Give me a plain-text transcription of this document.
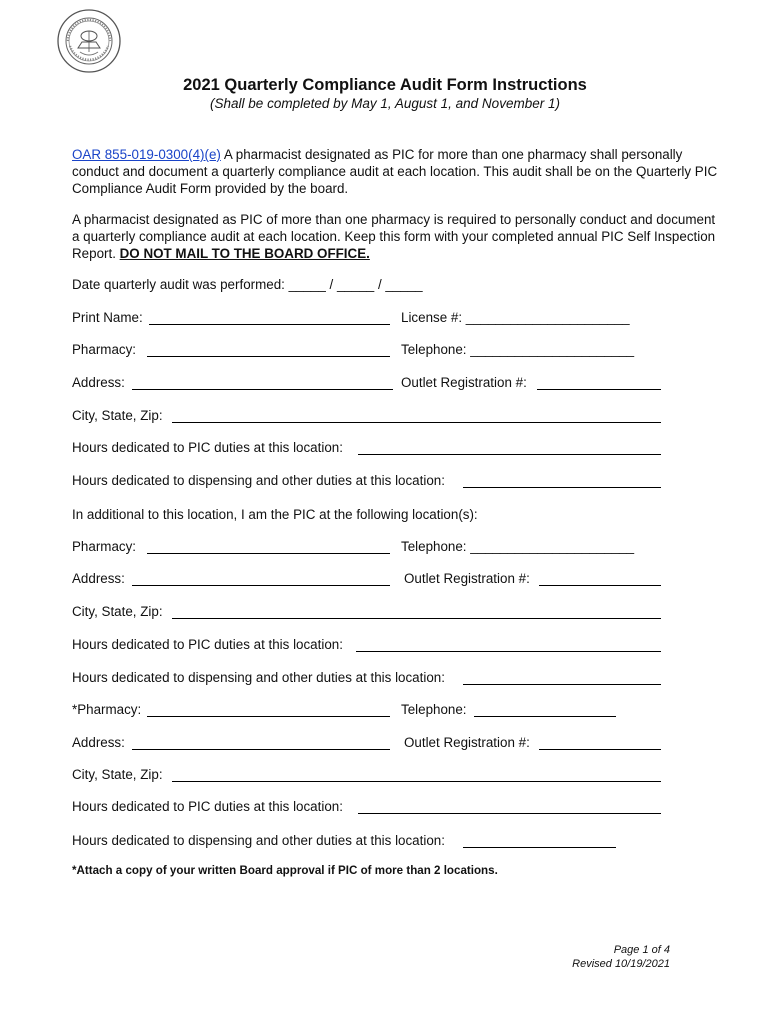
2021 Quarterly Compliance Audit Form Instructions
(Shall be completed by May 1, August 1, and November 1)
OAR 855-019-0300(4)(e) A pharmacist designated as PIC for more than one pharmacy shall personally conduct and document a quarterly compliance audit at each location. This audit shall be on the Quarterly PIC Compliance Audit Form provided by the board.
A pharmacist designated as PIC of more than one pharmacy is required to personally conduct and document a quarterly compliance audit at each location. Keep this form with your completed annual PIC Self Inspection Report. DO NOT MAIL TO THE BOARD OFFICE.
Date quarterly audit was performed: _____ / _____ / _____
Print Name:	License #: ______________________
Pharmacy:	Telephone: ______________________
Address:	Outlet Registration #:
City, State, Zip:
Hours dedicated to PIC duties at this location:
Hours dedicated to dispensing and other duties at this location:
In additional to this location, I am the PIC at the following location(s):
Pharmacy:	Telephone: ______________________
Address:	Outlet Registration #:
City, State, Zip:
Hours dedicated to PIC duties at this location:
Hours dedicated to dispensing and other duties at this location:
*Pharmacy:	Telephone:
Address:	Outlet Registration #:
City, State, Zip:
Hours dedicated to PIC duties at this location:
Hours dedicated to dispensing and other duties at this location:
*Attach a copy of your written Board approval if PIC of more than 2 locations.
Page 1 of 4
Revised 10/19/2021
